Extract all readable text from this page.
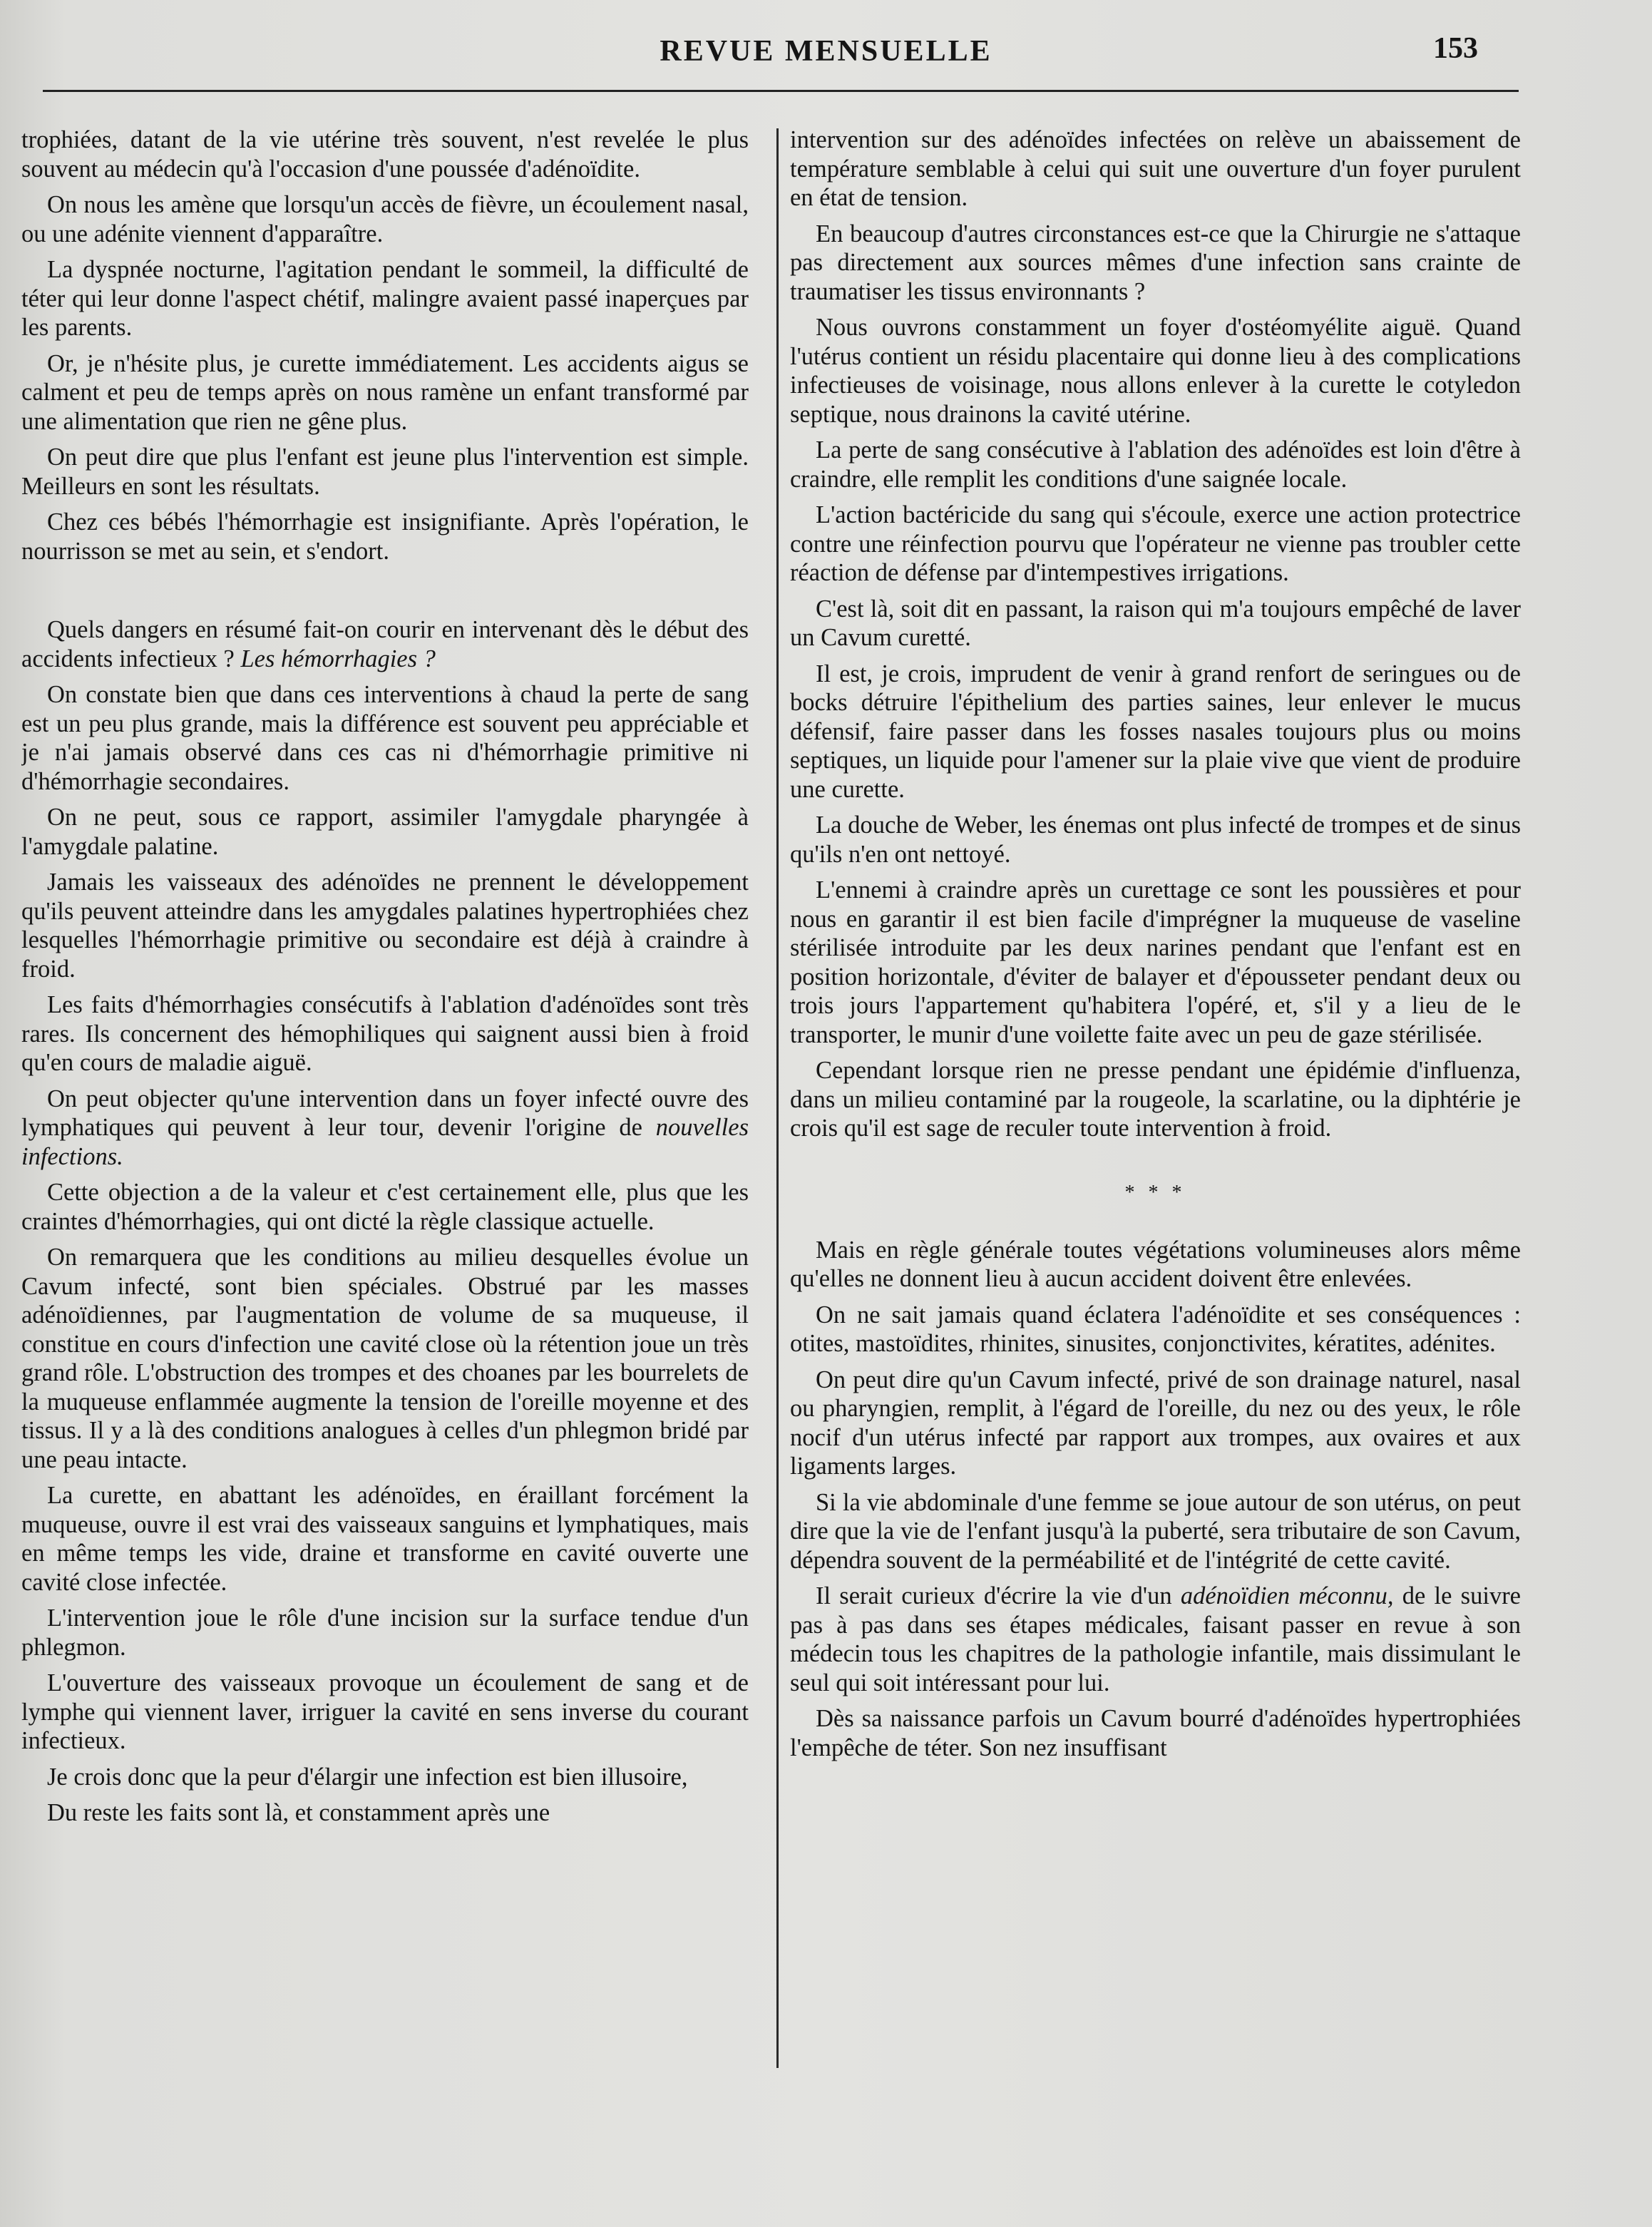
REVUE MENSUELLE	153

trophiées, datant de la vie utérine très souvent, n'est revelée le plus souvent au médecin qu'à l'occasion d'une poussée d'adénoïdite.

On nous les amène que lorsqu'un accès de fièvre, un écoulement nasal, ou une adénite viennent d'apparaître.

La dyspnée nocturne, l'agitation pendant le sommeil, la difficulté de téter qui leur donne l'aspect chétif, malingre avaient passé inaperçues par les parents.

Or, je n'hésite plus, je curette immédiatement. Les accidents aigus se calment et peu de temps après on nous ramène un enfant transformé par une alimentation que rien ne gêne plus.

On peut dire que plus l'enfant est jeune plus l'intervention est simple. Meilleurs en sont les résultats.

Chez ces bébés l'hémorrhagie est insignifiante. Après l'opération, le nourrisson se met au sein, et s'endort.

Quels dangers en résumé fait-on courir en intervenant dès le début des accidents infectieux ? Les hémorrhagies ?

On constate bien que dans ces interventions à chaud la perte de sang est un peu plus grande, mais la différence est souvent peu appréciable et je n'ai jamais observé dans ces cas ni d'hémorrhagie primitive ni d'hémorrhagie secondaires.

On ne peut, sous ce rapport, assimiler l'amygdale pharyngée à l'amygdale palatine.

Jamais les vaisseaux des adénoïdes ne prennent le développement qu'ils peuvent atteindre dans les amygdales palatines hypertrophiées chez lesquelles l'hémorrhagie primitive ou secondaire est déjà à craindre à froid.

Les faits d'hémorrhagies consécutifs à l'ablation d'adénoïdes sont très rares. Ils concernent des hémophiliques qui saignent aussi bien à froid qu'en cours de maladie aiguë.

On peut objecter qu'une intervention dans un foyer infecté ouvre des lymphatiques qui peuvent à leur tour, devenir l'origine de nouvelles infections.

Cette objection a de la valeur et c'est certainement elle, plus que les craintes d'hémorrhagies, qui ont dicté la règle classique actuelle.

On remarquera que les conditions au milieu desquelles évolue un Cavum infecté, sont bien spéciales. Obstrué par les masses adénoïdiennes, par l'augmentation de volume de sa muqueuse, il constitue en cours d'infection une cavité close où la rétention joue un très grand rôle. L'obstruction des trompes et des choanes par les bourrelets de la muqueuse enflammée augmente la tension de l'oreille moyenne et des tissus. Il y a là des conditions analogues à celles d'un phlegmon bridé par une peau intacte.

La curette, en abattant les adénoïdes, en éraillant forcément la muqueuse, ouvre il est vrai des vaisseaux sanguins et lymphatiques, mais en même temps les vide, draine et transforme en cavité ouverte une cavité close infectée.

L'intervention joue le rôle d'une incision sur la surface tendue d'un phlegmon.

L'ouverture des vaisseaux provoque un écoulement de sang et de lymphe qui viennent laver, irriguer la cavité en sens inverse du courant infectieux.

Je crois donc que la peur d'élargir une infection est bien illusoire,

Du reste les faits sont là, et constamment après une

intervention sur des adénoïdes infectées on relève un abaissement de température semblable à celui qui suit une ouverture d'un foyer purulent en état de tension.

En beaucoup d'autres circonstances est-ce que la Chirurgie ne s'attaque pas directement aux sources mêmes d'une infection sans crainte de traumatiser les tissus environnants ?

Nous ouvrons constamment un foyer d'ostéomyélite aiguë. Quand l'utérus contient un résidu placentaire qui donne lieu à des complications infectieuses de voisinage, nous allons enlever à la curette le cotyledon septique, nous drainons la cavité utérine.

La perte de sang consécutive à l'ablation des adénoïdes est loin d'être à craindre, elle remplit les conditions d'une saignée locale.

L'action bactéricide du sang qui s'écoule, exerce une action protectrice contre une réinfection pourvu que l'opérateur ne vienne pas troubler cette réaction de défense par d'intempestives irrigations.

C'est là, soit dit en passant, la raison qui m'a toujours empêché de laver un Cavum curetté.

Il est, je crois, imprudent de venir à grand renfort de seringues ou de bocks détruire l'épithelium des parties saines, leur enlever le mucus défensif, faire passer dans les fosses nasales toujours plus ou moins septiques, un liquide pour l'amener sur la plaie vive que vient de produire une curette.

La douche de Weber, les énemas ont plus infecté de trompes et de sinus qu'ils n'en ont nettoyé.

L'ennemi à craindre après un curettage ce sont les poussières et pour nous en garantir il est bien facile d'imprégner la muqueuse de vaseline stérilisée introduite par les deux narines pendant que l'enfant est en position horizontale, d'éviter de balayer et d'épousseter pendant deux ou trois jours l'appartement qu'habitera l'opéré, et, s'il y a lieu de le transporter, le munir d'une voilette faite avec un peu de gaze stérilisée.

Cependant lorsque rien ne presse pendant une épidémie d'influenza, dans un milieu contaminé par la rougeole, la scarlatine, ou la diphtérie je crois qu'il est sage de reculer toute intervention à froid.

* * *

Mais en règle générale toutes végétations volumineuses alors même qu'elles ne donnent lieu à aucun accident doivent être enlevées.

On ne sait jamais quand éclatera l'adénoïdite et ses conséquences : otites, mastoïdites, rhinites, sinusites, conjonctivites, kératites, adénites.

On peut dire qu'un Cavum infecté, privé de son drainage naturel, nasal ou pharyngien, remplit, à l'égard de l'oreille, du nez ou des yeux, le rôle nocif d'un utérus infecté par rapport aux trompes, aux ovaires et aux ligaments larges.

Si la vie abdominale d'une femme se joue autour de son utérus, on peut dire que la vie de l'enfant jusqu'à la puberté, sera tributaire de son Cavum, dépendra souvent de la perméabilité et de l'intégrité de cette cavité.

Il serait curieux d'écrire la vie d'un adénoïdien méconnu, de le suivre pas à pas dans ses étapes médicales, faisant passer en revue à son médecin tous les chapitres de la pathologie infantile, mais dissimulant le seul qui soit intéressant pour lui.

Dès sa naissance parfois un Cavum bourré d'adénoïdes hypertrophiées l'empêche de téter. Son nez insuffisant
